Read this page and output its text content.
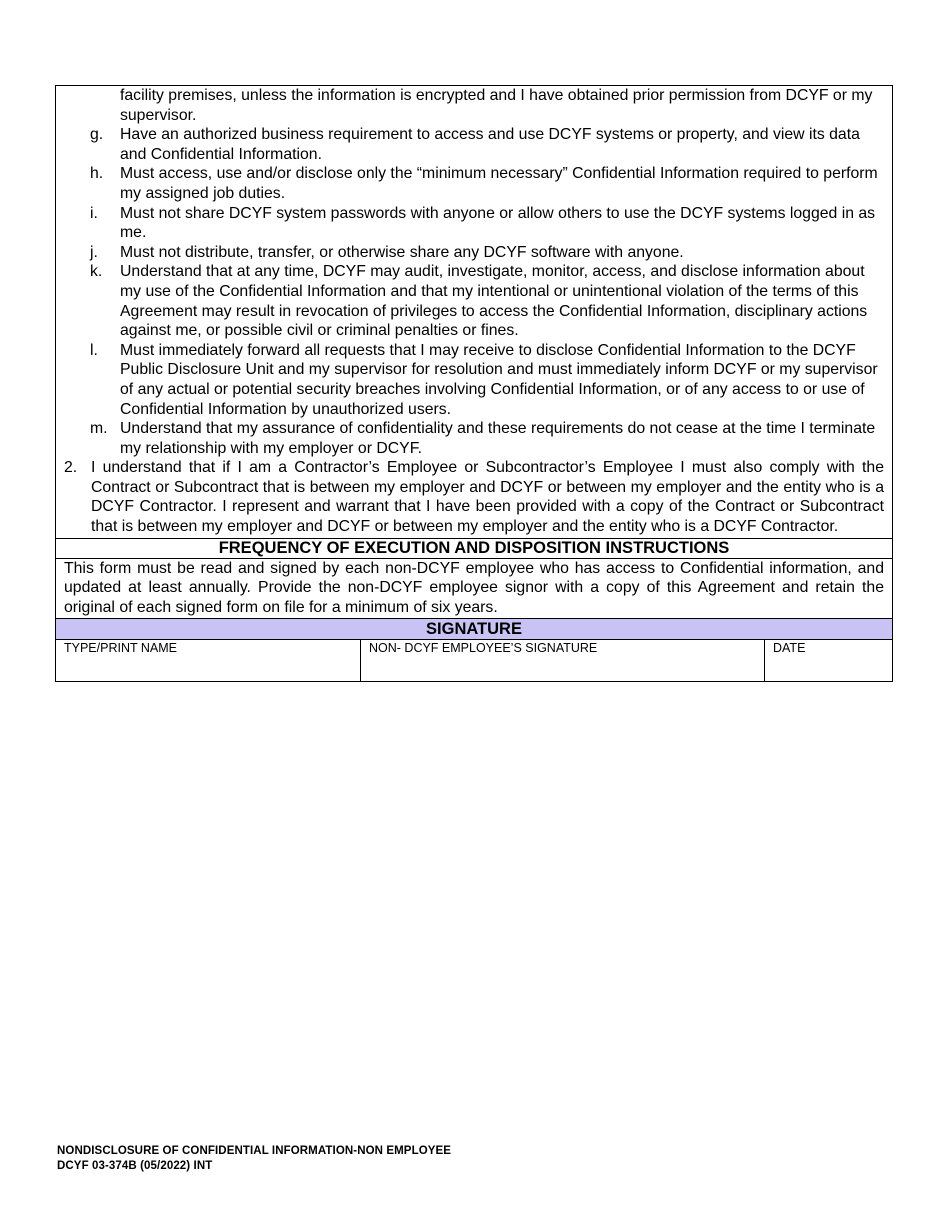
facility premises, unless the information is encrypted and I have obtained prior permission from DCYF or my supervisor.
g. Have an authorized business requirement to access and use DCYF systems or property, and view its data and Confidential Information.
h. Must access, use and/or disclose only the “minimum necessary” Confidential Information required to perform my assigned job duties.
i. Must not share DCYF system passwords with anyone or allow others to use the DCYF systems logged in as me.
j. Must not distribute, transfer, or otherwise share any DCYF software with anyone.
k. Understand that at any time, DCYF may audit, investigate, monitor, access, and disclose information about my use of the Confidential Information and that my intentional or unintentional violation of the terms of this Agreement may result in revocation of privileges to access the Confidential Information, disciplinary actions against me, or possible civil or criminal penalties or fines.
l. Must immediately forward all requests that I may receive to disclose Confidential Information to the DCYF Public Disclosure Unit and my supervisor for resolution and must immediately inform DCYF or my supervisor of any actual or potential security breaches involving Confidential Information, or of any access to or use of Confidential Information by unauthorized users.
m. Understand that my assurance of confidentiality and these requirements do not cease at the time I terminate my relationship with my employer or DCYF.
2. I understand that if I am a Contractor’s Employee or Subcontractor’s Employee I must also comply with the Contract or Subcontract that is between my employer and DCYF or between my employer and the entity who is a DCYF Contractor. I represent and warrant that I have been provided with a copy of the Contract or Subcontract that is between my employer and DCYF or between my employer and the entity who is a DCYF Contractor.
FREQUENCY OF EXECUTION AND DISPOSITION INSTRUCTIONS
This form must be read and signed by each non-DCYF employee who has access to Confidential information, and updated at least annually. Provide the non-DCYF employee signor with a copy of this Agreement and retain the original of each signed form on file for a minimum of six years.
SIGNATURE
TYPE/PRINT NAME	NON- DCYF EMPLOYEE’S SIGNATURE	DATE
NONDISCLOSURE OF CONFIDENTIAL INFORMATION-NON EMPLOYEE
DCYF 03-374B (05/2022) INT
